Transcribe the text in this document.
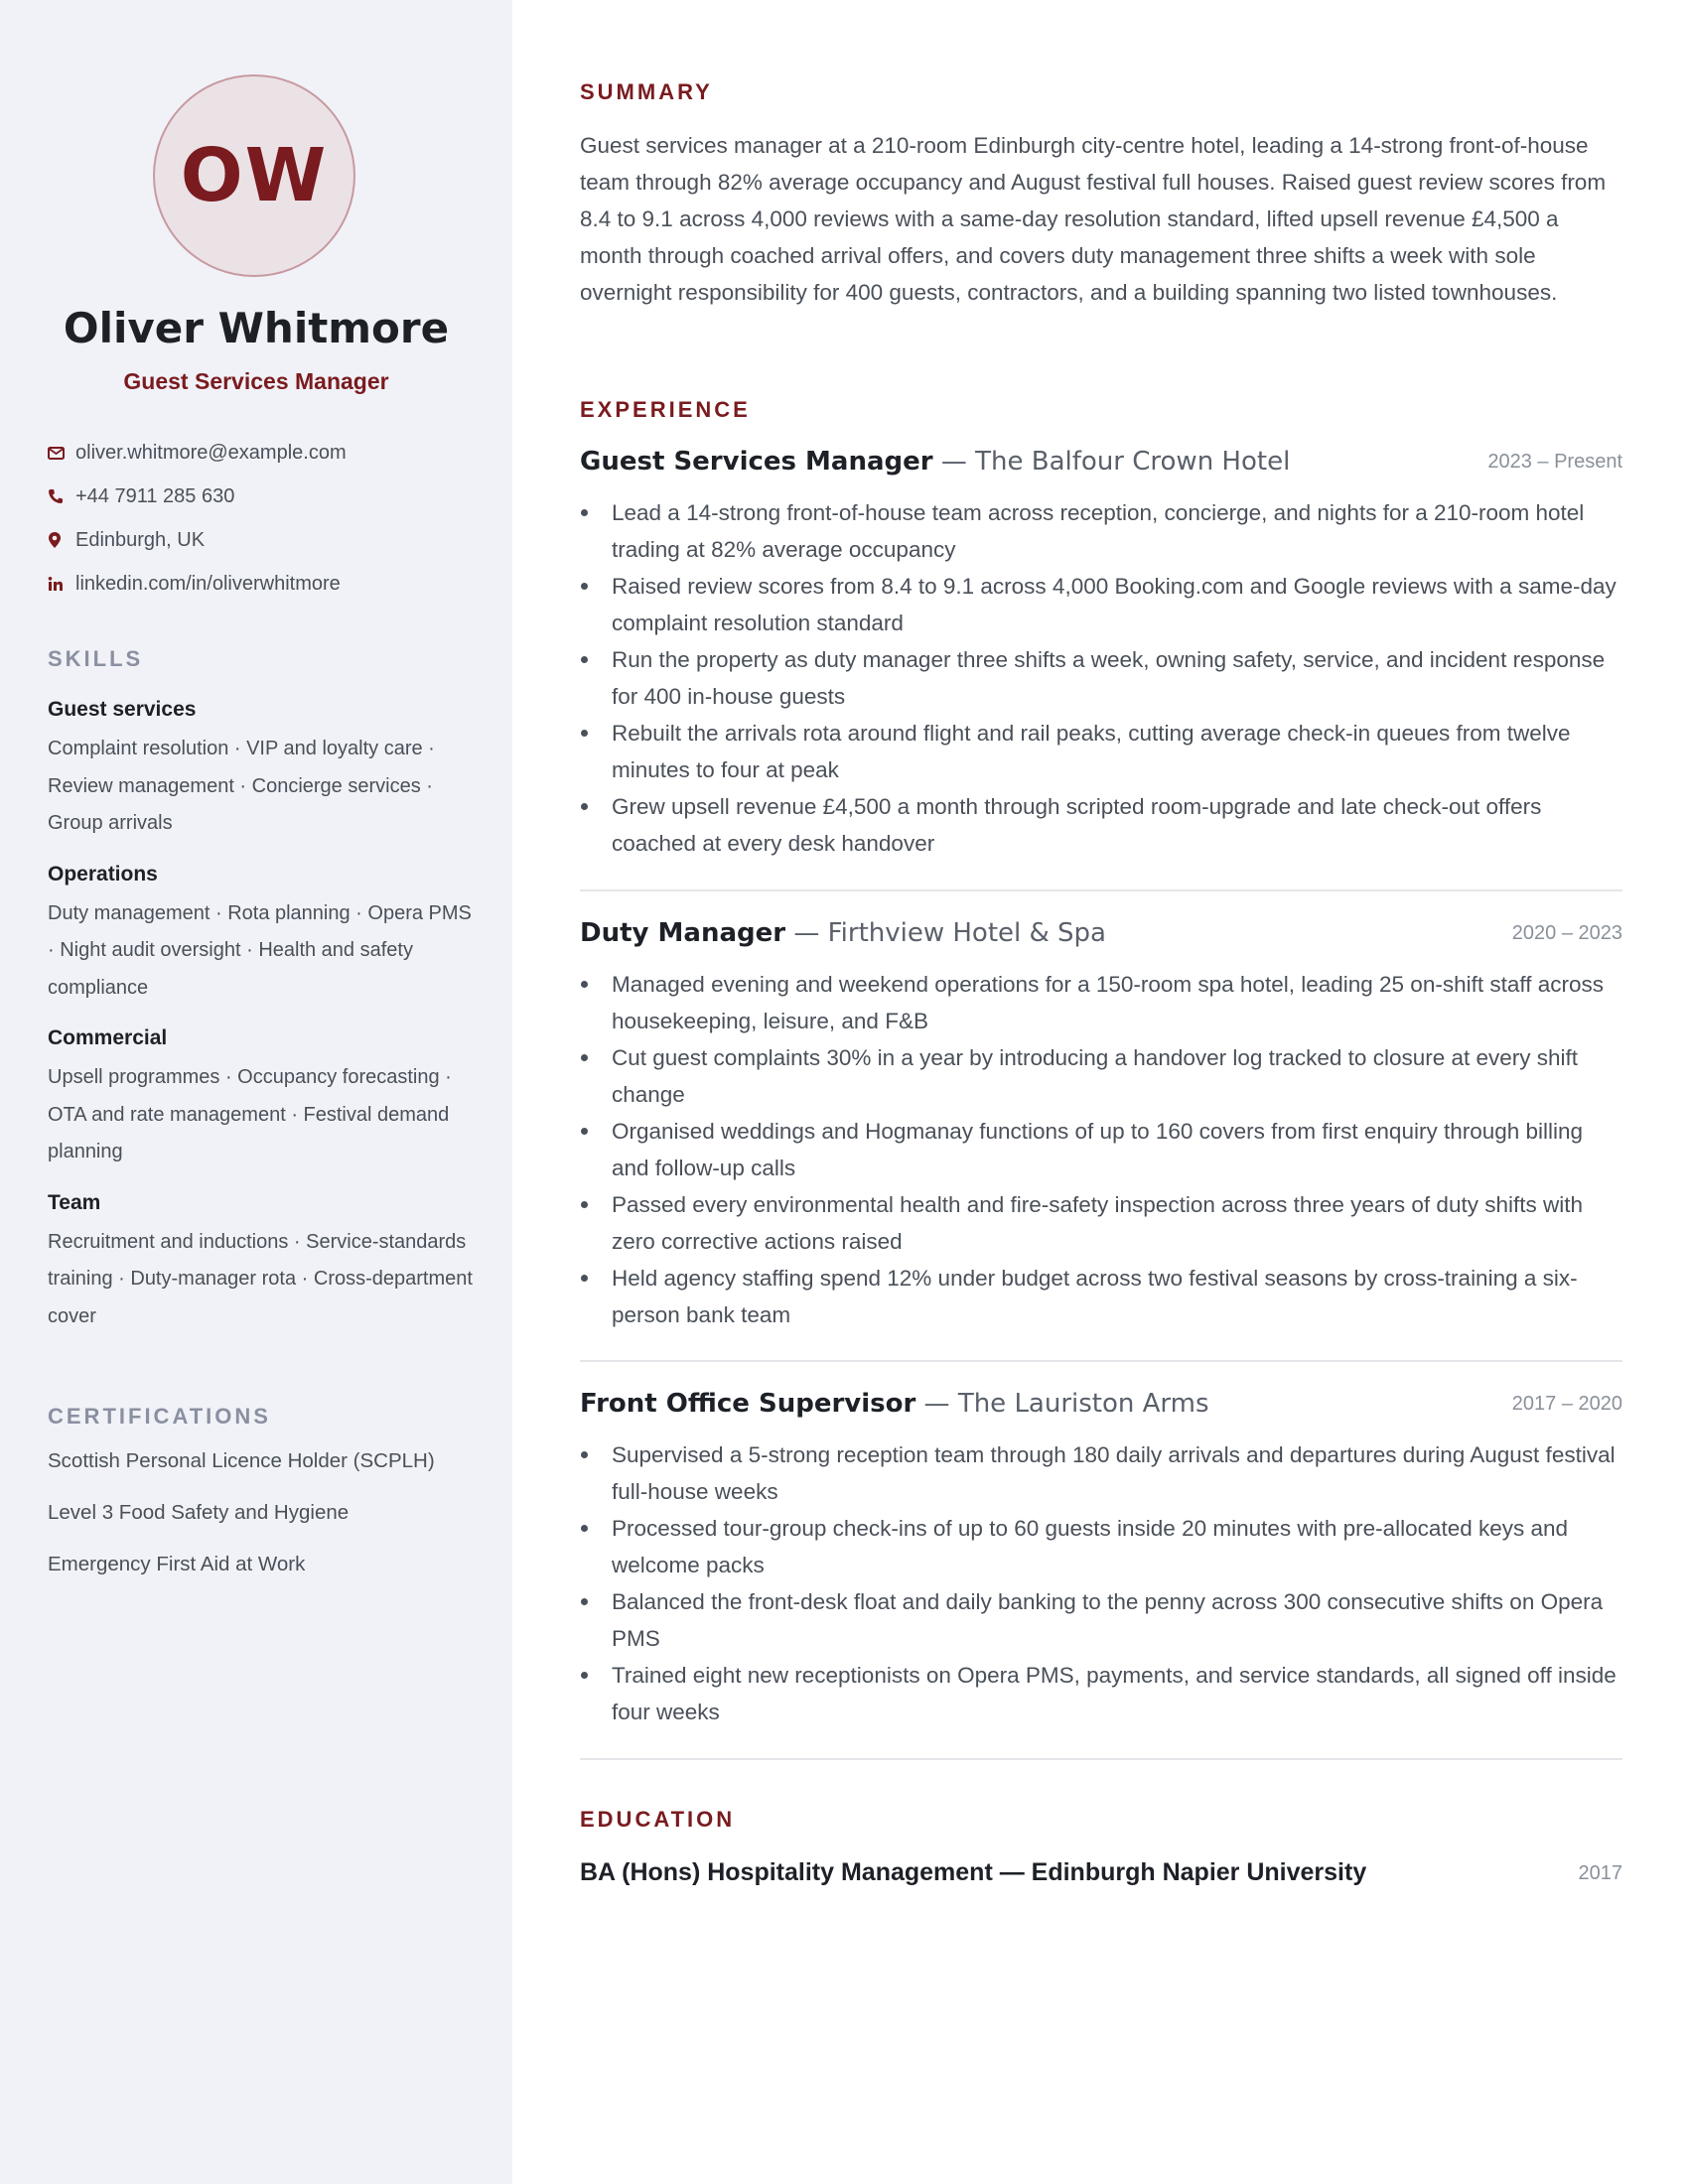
OW
Oliver Whitmore
Guest Services Manager
oliver.whitmore@example.com
+44 7911 285 630
Edinburgh, UK
linkedin.com/in/oliverwhitmore
SKILLS
Guest services
Complaint resolution · VIP and loyalty care · Review management · Concierge services · Group arrivals
Operations
Duty management · Rota planning · Opera PMS · Night audit oversight · Health and safety compliance
Commercial
Upsell programmes · Occupancy forecasting · OTA and rate management · Festival demand planning
Team
Recruitment and inductions · Service-standards training · Duty-manager rota · Cross-department cover
CERTIFICATIONS
Scottish Personal Licence Holder (SCPLH)
Level 3 Food Safety and Hygiene
Emergency First Aid at Work
SUMMARY
Guest services manager at a 210-room Edinburgh city-centre hotel, leading a 14-strong front-of-house team through 82% average occupancy and August festival full houses. Raised guest review scores from 8.4 to 9.1 across 4,000 reviews with a same-day resolution standard, lifted upsell revenue £4,500 a month through coached arrival offers, and covers duty management three shifts a week with sole overnight responsibility for 400 guests, contractors, and a building spanning two listed townhouses.
EXPERIENCE
Guest Services Manager — The Balfour Crown Hotel	2023 – Present
Lead a 14-strong front-of-house team across reception, concierge, and nights for a 210-room hotel trading at 82% average occupancy
Raised review scores from 8.4 to 9.1 across 4,000 Booking.com and Google reviews with a same-day complaint resolution standard
Run the property as duty manager three shifts a week, owning safety, service, and incident response for 400 in-house guests
Rebuilt the arrivals rota around flight and rail peaks, cutting average check-in queues from twelve minutes to four at peak
Grew upsell revenue £4,500 a month through scripted room-upgrade and late check-out offers coached at every desk handover
Duty Manager — Firthview Hotel & Spa	2020 – 2023
Managed evening and weekend operations for a 150-room spa hotel, leading 25 on-shift staff across housekeeping, leisure, and F&B
Cut guest complaints 30% in a year by introducing a handover log tracked to closure at every shift change
Organised weddings and Hogmanay functions of up to 160 covers from first enquiry through billing and follow-up calls
Passed every environmental health and fire-safety inspection across three years of duty shifts with zero corrective actions raised
Held agency staffing spend 12% under budget across two festival seasons by cross-training a six-person bank team
Front Office Supervisor — The Lauriston Arms	2017 – 2020
Supervised a 5-strong reception team through 180 daily arrivals and departures during August festival full-house weeks
Processed tour-group check-ins of up to 60 guests inside 20 minutes with pre-allocated keys and welcome packs
Balanced the front-desk float and daily banking to the penny across 300 consecutive shifts on Opera PMS
Trained eight new receptionists on Opera PMS, payments, and service standards, all signed off inside four weeks
EDUCATION
BA (Hons) Hospitality Management — Edinburgh Napier University	2017
